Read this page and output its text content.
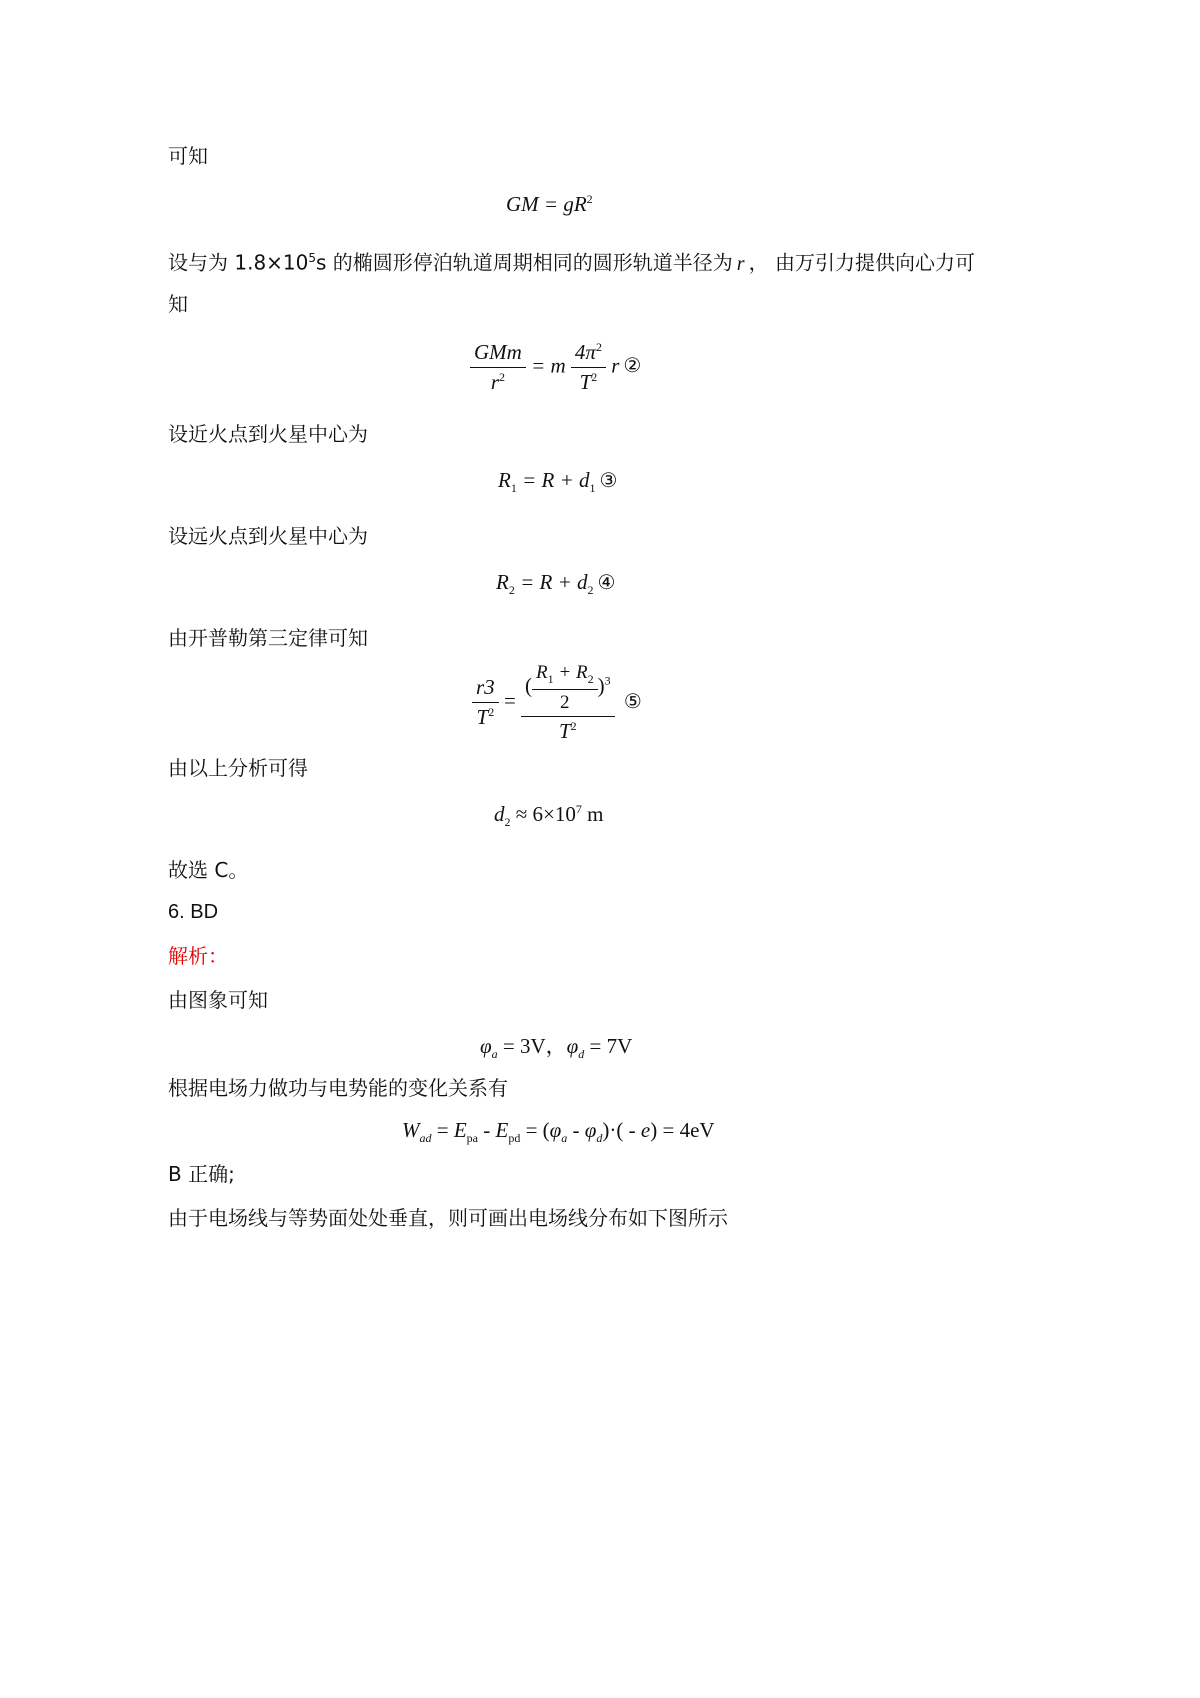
可知
GM = $gR^2$
设与为 $1.8\times 10^5s$ 的椭圆形停泊轨道周期相同的圆形轨道半径为 r ， 由万引力提供向心力可
知
$\frac{\text{GMm}}{r^2} = m \frac{4\pi^2}{T^2}$ r ②
设近火点到火星中心为
$R_1 = R + d_1$ ③
设远火点到火星中心为
$R_2 = R + d_2$ ④
由开普勒第三定律可知
$\frac{r3}{T^2} = \frac{( \frac{R_1 + R_2}{2} )^3}{T^2}$ ⑤
由以上分析可得
$d_2 \approx 6\times 10^7$ m
故选 C。
6. BD
解析：
由图象可知
$\varphi_a = 3V$，$\varphi_d = 7V$
根据电场力做功与电势能的变化关系有
$W_{ad} = E_{pa} - E_{pd} = (\varphi_a - \varphi_d)\cdot( - e) = 4eV$
B 正确;
由于电场线与等势面处处垂直，则可画出电场线分布如下图所示
